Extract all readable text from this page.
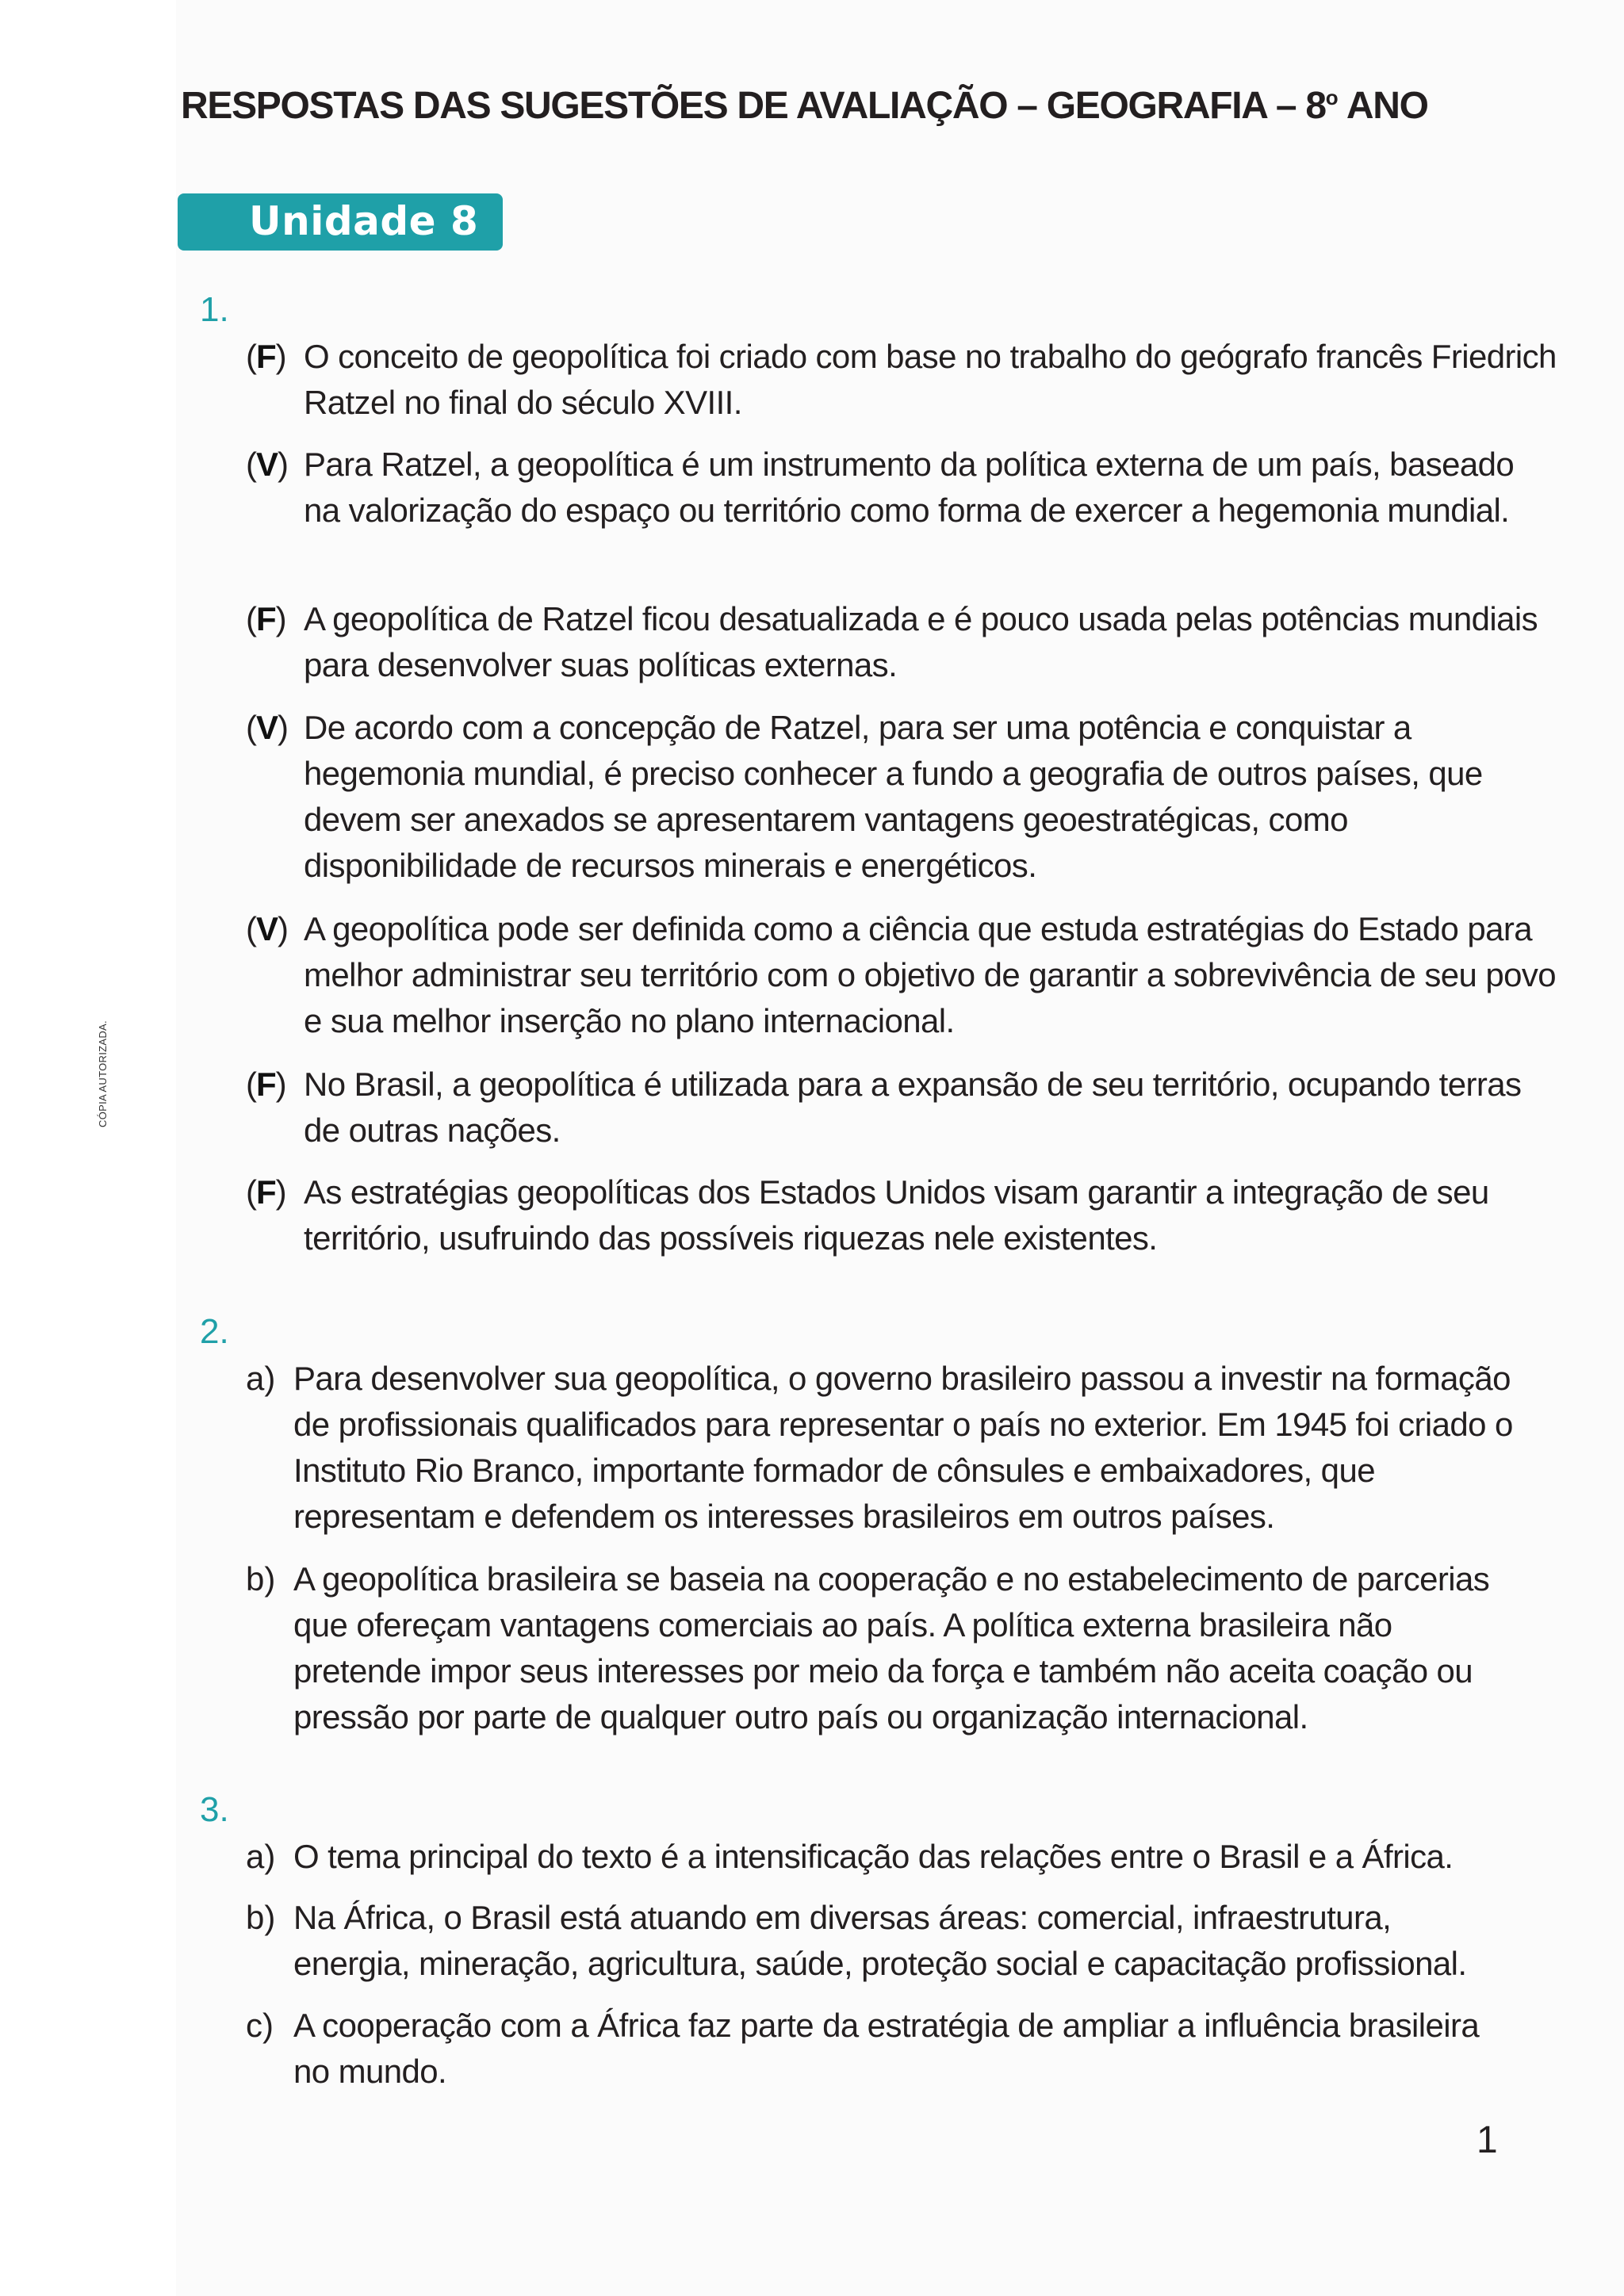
RESPOSTAS DAS SUGESTÕES DE AVALIAÇÃO – GEOGRAFIA – 8$^o$ ANO
Unidade 8
CÓPIA AUTORIZADA.
1.
(F) O conceito de geopolítica foi criado com base no trabalho do geógrafo francês Friedrich Ratzel no final do século XVIII.
(V) Para Ratzel, a geopolítica é um instrumento da política externa de um país, baseado na valorização do espaço ou território como forma de exercer a hegemonia mundial.
(F) A geopolítica de Ratzel ficou desatualizada e é pouco usada pelas potências mundiais para desenvolver suas políticas externas.
(V) De acordo com a concepção de Ratzel, para ser uma potência e conquistar a hegemonia mundial, é preciso conhecer a fundo a geografia de outros países, que devem ser anexados se apresentarem vantagens geoestratégicas, como disponibilidade de recursos minerais e energéticos.
(V) A geopolítica pode ser definida como a ciência que estuda estratégias do Estado para melhor administrar seu território com o objetivo de garantir a sobrevivência de seu povo e sua melhor inserção no plano internacional.
(F) No Brasil, a geopolítica é utilizada para a expansão de seu território, ocupando terras de outras nações.
(F) As estratégias geopolíticas dos Estados Unidos visam garantir a integração de seu território, usufruindo das possíveis riquezas nele existentes.
2.
a) Para desenvolver sua geopolítica, o governo brasileiro passou a investir na formação de profissionais qualificados para representar o país no exterior. Em 1945 foi criado o Instituto Rio Branco, importante formador de cônsules e embaixadores, que representam e defendem os interesses brasileiros em outros países.
b) A geopolítica brasileira se baseia na cooperação e no estabelecimento de parcerias que ofereçam vantagens comerciais ao país. A política externa brasileira não pretende impor seus interesses por meio da força e também não aceita coação ou pressão por parte de qualquer outro país ou organização internacional.
3.
a) O tema principal do texto é a intensificação das relações entre o Brasil e a África.
b) Na África, o Brasil está atuando em diversas áreas: comercial, infraestrutura, energia, mineração, agricultura, saúde, proteção social e capacitação profissional.
c) A cooperação com a África faz parte da estratégia de ampliar a influência brasileira no mundo.
1
